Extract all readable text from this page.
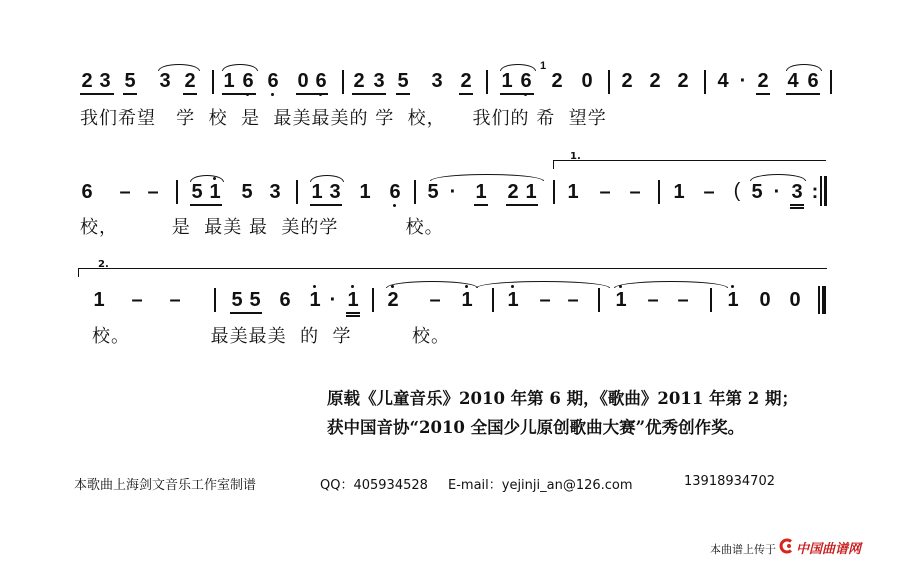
2 3 5 3 2 1 6 6 0 6 2 3 5 3 2 1 6
1
2 0 2 2 2 4 · 2 4 6
我们希望   学  校  是  最美最美的 学  校，    我们的 希  望学
1.
6 – – 5 1 5 3 1 3 1 6 5 · 1 2 1 1 – – 1 – ( 5 · 3 :
校，        是  最美 最  美的学          校。
2.
1 – –	5 5 6 1 · 1 2 – 1 1 – – 1 – – 1 0 0
校。            最美最美  的  学         校。
原载《儿童音乐》2010 年第 6 期，《歌曲》2011 年第 2 期；
获中国音协“2010 全国少儿原创歌曲大赛”优秀创作奖。
本歌曲上海剑文音乐工作室制谱	QQ：405934528 E-mail：yejinji_an@126.com	13918934702
本曲谱上传于 中国曲谱网
